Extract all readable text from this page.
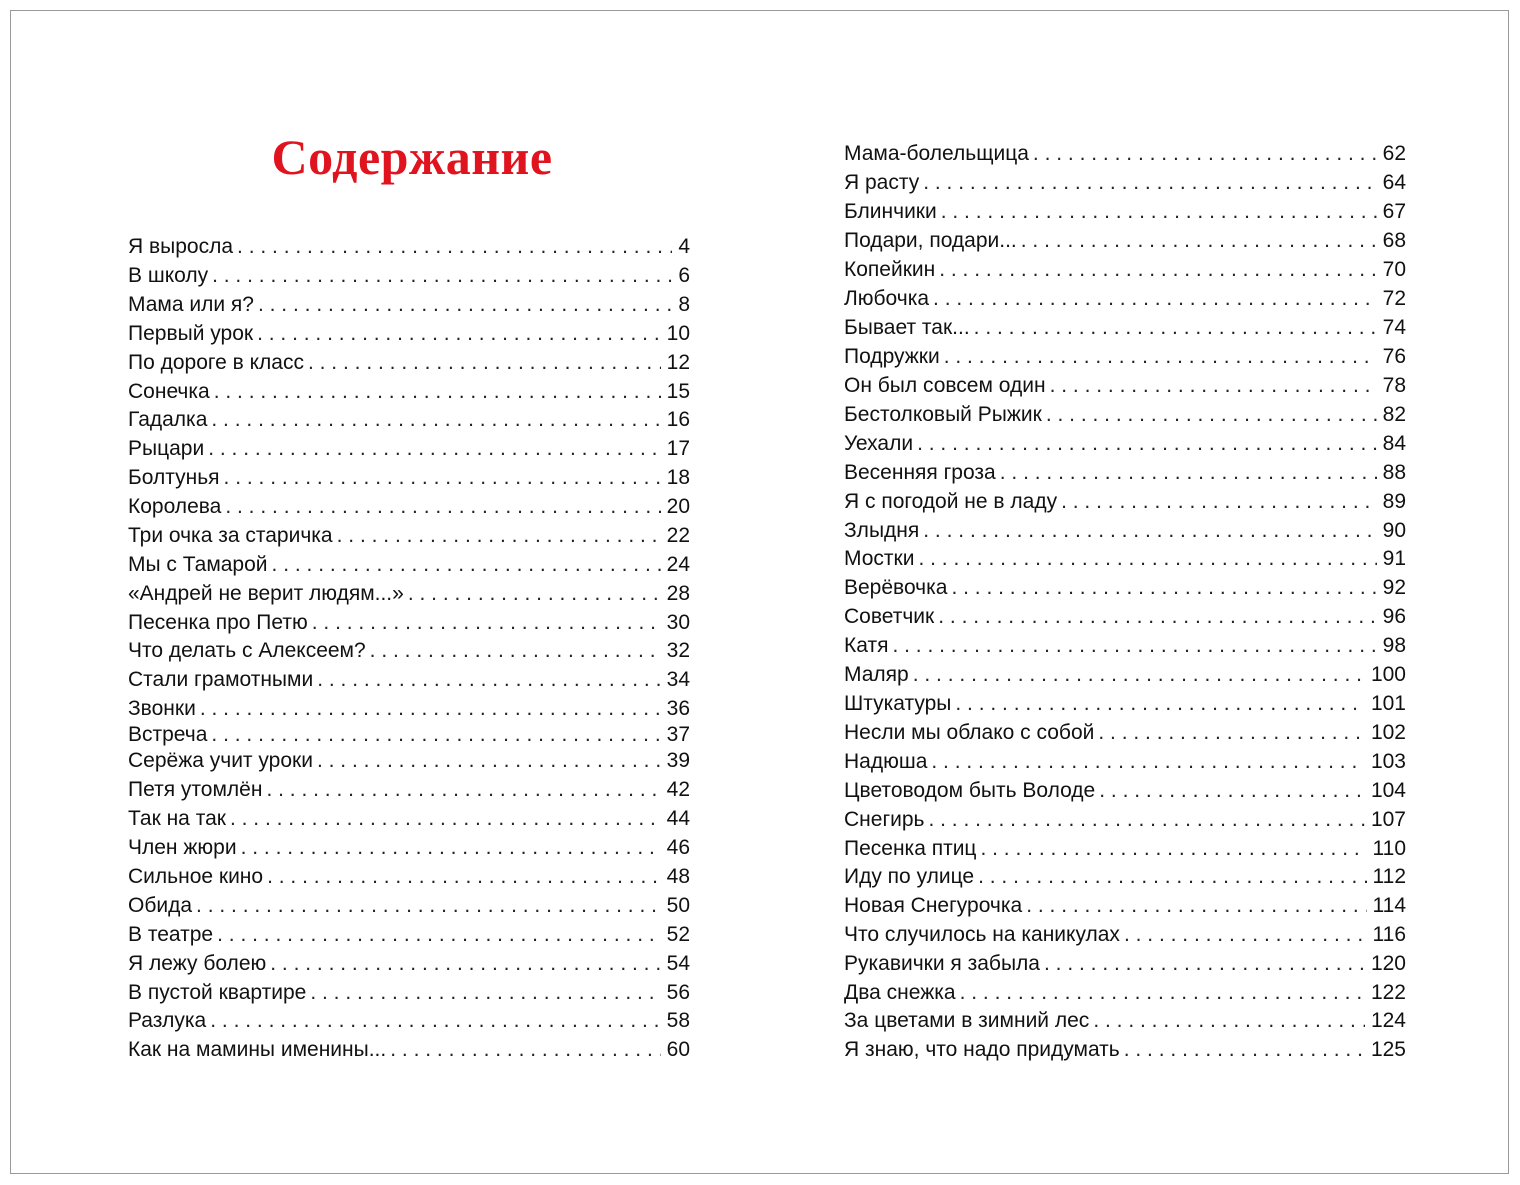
Содержание
Я выросла . . .	4
В школу . . .	6
Мама или я? . . .	8
Первый урок . . .	10
По дороге в класс . . .	12
Сонечка . . .	15
Гадалка . . .	16
Рыцари . . .	17
Болтунья . . .	18
Королева . . .	20
Три очка за старичка . . .	22
Мы с Тамарой . . .	24
«Андрей не верит людям...» . . .	28
Песенка про Петю . . .	30
Что делать с Алексеем? . . .	32
Стали грамотными . . .	34
Звонки . . .	36
Встреча . . .	37
Серёжа учит уроки . . .	39
Петя утомлён . . .	42
Так на так . . .	44
Член жюри . . .	46
Сильное кино . . .	48
Обида . . .	50
В театре . . .	52
Я лежу болею . . .	54
В пустой квартире . . .	56
Разлука . . .	58
Как на мамины именины... . . .	60
Мама-болельщица . . .	62
Я расту . . .	64
Блинчики . . .	67
Подари, подари... . . .	68
Копейкин . . .	70
Любочка . . .	72
Бывает так... . . .	74
Подружки . . .	76
Он был совсем один . . .	78
Бестолковый Рыжик . . .	82
Уехали . . .	84
Весенняя гроза . . .	88
Я с погодой не в ладу . . .	89
Злыдня . . .	90
Мостки . . .	91
Верёвочка . . .	92
Советчик . . .	96
Катя . . .	98
Маляр . . .	100
Штукатуры . . .	101
Несли мы облако с собой . . .	102
Надюша . . .	103
Цветоводом быть Володе . . .	104
Снегирь . . .	107
Песенка птиц . . .	110
Иду по улице . . .	112
Новая Снегурочка . . .	114
Что случилось на каникулах . . .	116
Рукавички я забыла . . .	120
Два снежка . . .	122
За цветами в зимний лес . . .	124
Я знаю, что надо придумать . . .	125
